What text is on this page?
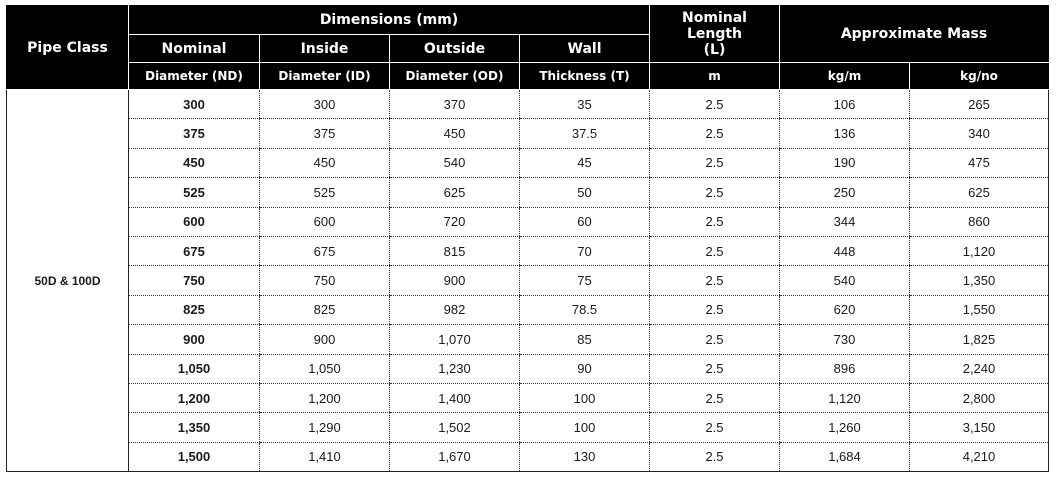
Pipe Class	Dimensions (mm)				Nominal Length (L)	Approximate Mass	
	Nominal	Inside	Outside	Wall			
	Diameter (ND)	Diameter (ID)	Diameter (OD)	Thickness (T)	m	kg/m	kg/no
50D & 100D	300	300	370	35	2.5	106	265
	375	375	450	37.5	2.5	136	340
	450	450	540	45	2.5	190	475
	525	525	625	50	2.5	250	625
	600	600	720	60	2.5	344	860
	675	675	815	70	2.5	448	1,120
	750	750	900	75	2.5	540	1,350
	825	825	982	78.5	2.5	620	1,550
	900	900	1,070	85	2.5	730	1,825
	1,050	1,050	1,230	90	2.5	896	2,240
	1,200	1,200	1,400	100	2.5	1,120	2,800
	1,350	1,290	1,502	100	2.5	1,260	3,150
	1,500	1,410	1,670	130	2.5	1,684	4,210
